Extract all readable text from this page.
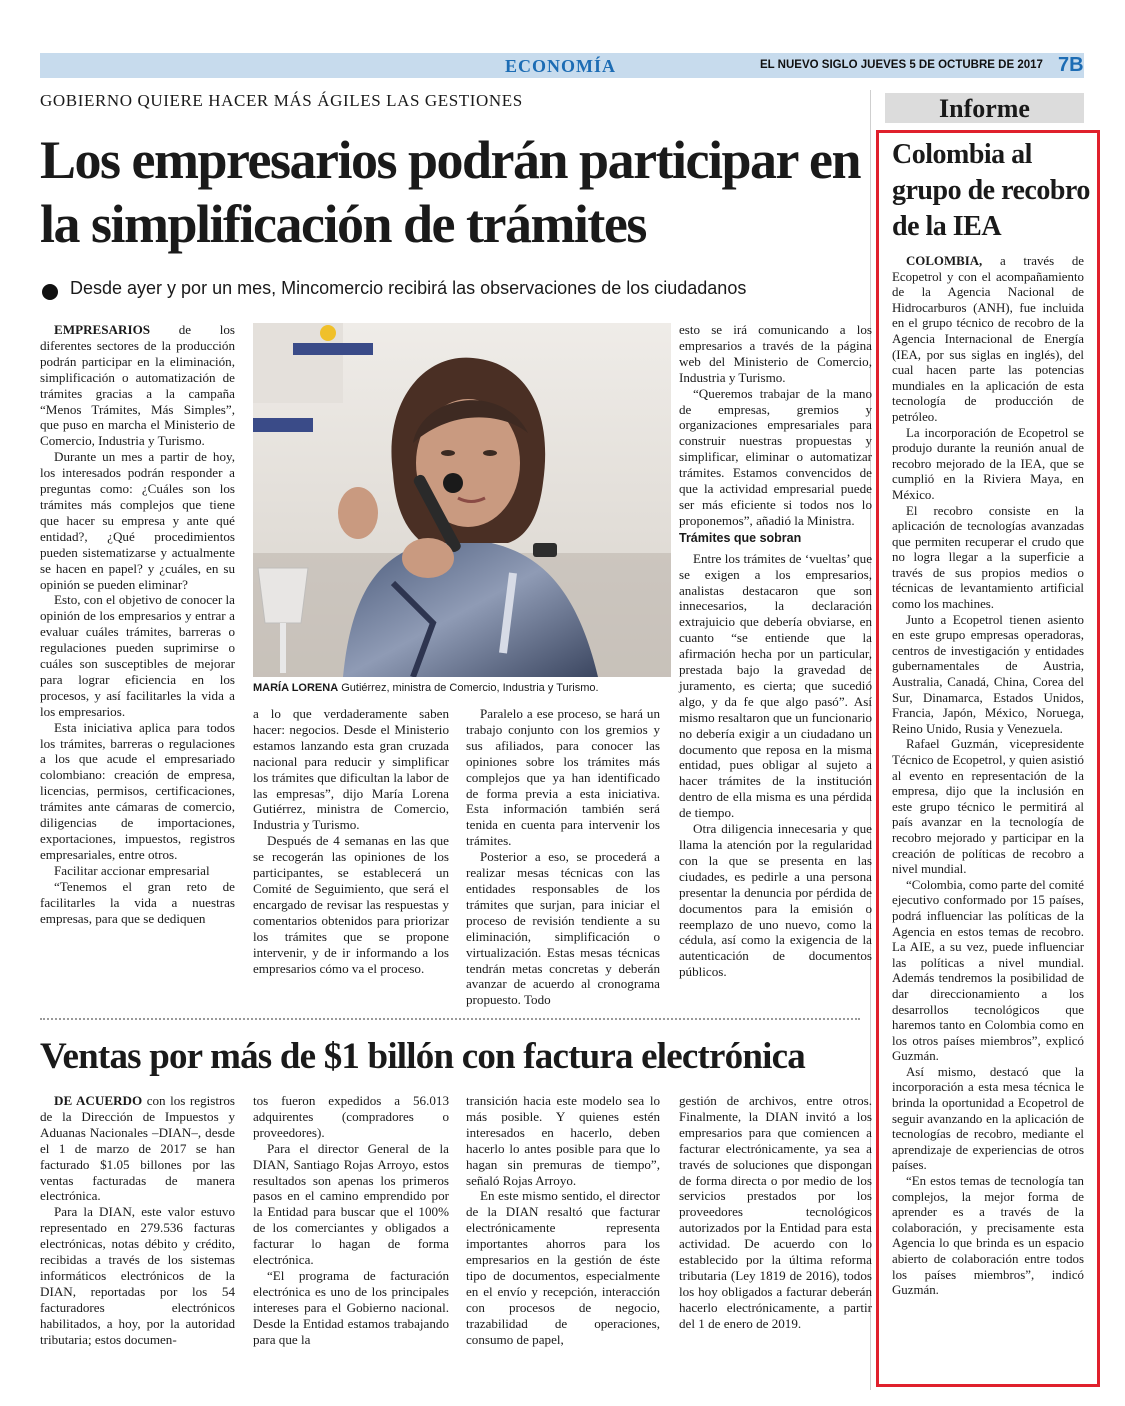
ECONOMÍA	EL NUEVO SIGLO JUEVES 5 DE OCTUBRE DE 2017 7B
GOBIERNO QUIERE HACER MÁS ÁGILES LAS GESTIONES
Los empresarios podrán participar en la simplificación de trámites
Desde ayer y por un mes, Mincomercio recibirá las observaciones de los ciudadanos

EMPRESARIOS de los diferentes sectores de la producción podrán participar en la eliminación, simplificación o automatización de trámites gracias a la campaña “Menos Trámites, Más Simples”, que puso en marcha el Ministerio de Comercio, Industria y Turismo.

Durante un mes a partir de hoy, los interesados podrán responder a preguntas como: ¿Cuáles son los trámites más complejos que tiene que hacer su empresa y ante qué entidad?, ¿Qué procedimientos pueden sistematizarse y actualmente se hacen en papel? y ¿cuáles, en su opinión se pueden eliminar?

Esto, con el objetivo de conocer la opinión de los empresarios y entrar a evaluar cuáles trámites, barreras o regulaciones pueden suprimirse o cuáles son susceptibles de mejorar para lograr eficiencia en los procesos, y así facilitarles la vida a los empresarios.

Esta iniciativa aplica para todos los trámites, barreras o regulaciones a los que acude el empresariado colombiano: creación de empresa, licencias, permisos, certificaciones, trámites ante cámaras de comercio, diligencias de importaciones, exportaciones, impuestos, registros empresariales, entre otros.

Facilitar accionar empresarial

“Tenemos el gran reto de facilitarles la vida a nuestras empresas, para que se dediquen

MARÍA LORENA Gutiérrez, ministra de Comercio, Industria y Turismo.

a lo que verdaderamente saben hacer: negocios. Desde el Ministerio estamos lanzando esta gran cruzada nacional para reducir y simplificar los trámites que dificultan la labor de las empresas”, dijo María Lorena Gutiérrez, ministra de Comercio, Industria y Turismo.

Después de 4 semanas en las que se recogerán las opiniones de los participantes, se establecerá un Comité de Seguimiento, que será el encargado de revisar las respuestas y comentarios obtenidos para priorizar los trámites que se propone intervenir, y de ir informando a los empresarios cómo va el proceso.

Paralelo a ese proceso, se hará un trabajo conjunto con los gremios y sus afiliados, para conocer las opiniones sobre los trámites más complejos que ya han identificado de forma previa a esta iniciativa. Esta información también será tenida en cuenta para intervenir los trámites.

Posterior a eso, se procederá a realizar mesas técnicas con las entidades responsables de los trámites que surjan, para iniciar el proceso de revisión tendiente a su eliminación, simplificación o virtualización. Estas mesas técnicas tendrán metas concretas y deberán avanzar de acuerdo al cronograma propuesto. Todo

esto se irá comunicando a los empresarios a través de la página web del Ministerio de Comercio, Industria y Turismo.

“Queremos trabajar de la mano de empresas, gremios y organizaciones empresariales para construir nuestras propuestas y simplificar, eliminar o automatizar trámites. Estamos convencidos de que la actividad empresarial puede ser más eficiente si todos nos lo proponemos”, añadió la Ministra.

Trámites que sobran

Entre los trámites de ‘vueltas’ que se exigen a los empresarios, analistas destacaron que son innecesarios, la declaración extrajuicio que debería obviarse, en cuanto “se entiende que la afirmación hecha por un particular, prestada bajo la gravedad de juramento, es cierta; que sucedió algo, y da fe que algo pasó”. Así mismo resaltaron que un funcionario no debería exigir a un ciudadano un documento que reposa en la misma entidad, pues obligar al sujeto a hacer trámites de la institución dentro de ella misma es una pérdida de tiempo.

Otra diligencia innecesaria y que llama la atención por la regularidad con la que se presenta en las ciudades, es pedirle a una persona presentar la denuncia por pérdida de documentos para la emisión o reemplazo de uno nuevo, como la cédula, así como la exigencia de la autenticación de documentos públicos.

Ventas por más de $1 billón con factura electrónica

DE ACUERDO con los registros de la Dirección de Impuestos y Aduanas Nacionales –DIAN–, desde el 1 de marzo de 2017 se han facturado $1.05 billones por las ventas facturadas de manera electrónica.

Para la DIAN, este valor estuvo representado en 279.536 facturas electrónicas, notas débito y crédito, recibidas a través de los sistemas informáticos electrónicos de la DIAN, reportadas por los 54 facturadores electrónicos habilitados, a hoy, por la autoridad tributaria; estos documen-

tos fueron expedidos a 56.013 adquirentes (compradores o proveedores).

Para el director General de la DIAN, Santiago Rojas Arroyo, estos resultados son apenas los primeros pasos en el camino emprendido por la Entidad para buscar que el 100% de los comerciantes y obligados a facturar lo hagan de forma electrónica.

“El programa de facturación electrónica es uno de los principales intereses para el Gobierno nacional. Desde la Entidad estamos trabajando para que la

transición hacia este modelo sea lo más posible. Y quienes estén interesados en hacerlo, deben hacerlo lo antes posible para que lo hagan sin premuras de tiempo”, señaló Rojas Arroyo.

En este mismo sentido, el director de la DIAN resaltó que facturar electrónicamente representa importantes ahorros para los empresarios en la gestión de éste tipo de documentos, especialmente en el envío y recepción, interacción con procesos de negocio, trazabilidad de operaciones, consumo de papel,

gestión de archivos, entre otros. Finalmente, la DIAN invitó a los empresarios para que comiencen a facturar electrónicamente, ya sea a través de soluciones que dispongan de forma directa o por medio de los servicios prestados por los proveedores tecnológicos autorizados por la Entidad para esta actividad. De acuerdo con lo establecido por la última reforma tributaria (Ley 1819 de 2016), todos los hoy obligados a facturar deberán hacerlo electrónicamente, a partir del 1 de enero de 2019.

Informe
Colombia al grupo de recobro de la IEA

COLOMBIA, a través de Ecopetrol y con el acompañamiento de la Agencia Nacional de Hidrocarburos (ANH), fue incluida en el grupo técnico de recobro de la Agencia Internacional de Energía (IEA, por sus siglas en inglés), del cual hacen parte las potencias mundiales en la aplicación de esta tecnología de producción de petróleo.

La incorporación de Ecopetrol se produjo durante la reunión anual de recobro mejorado de la IEA, que se cumplió en la Riviera Maya, en México.

El recobro consiste en la aplicación de tecnologías avanzadas que permiten recuperar el crudo que no logra llegar a la superficie a través de sus propios medios o técnicas de levantamiento artificial como los machines.

Junto a Ecopetrol tienen asiento en este grupo empresas operadoras, centros de investigación y entidades gubernamentales de Austria, Australia, Canadá, China, Corea del Sur, Dinamarca, Estados Unidos, Francia, Japón, México, Noruega, Reino Unido, Rusia y Venezuela.

Rafael Guzmán, vicepresidente Técnico de Ecopetrol, y quien asistió al evento en representación de la empresa, dijo que la inclusión en este grupo técnico le permitirá al país avanzar en la tecnología de recobro mejorado y participar en la creación de políticas de recobro a nivel mundial.

“Colombia, como parte del comité ejecutivo conformado por 15 países, podrá influenciar las políticas de la Agencia en estos temas de recobro. La AIE, a su vez, puede influenciar las políticas a nivel mundial. Además tendremos la posibilidad de dar direccionamiento a los desarrollos tecnológicos que haremos tanto en Colombia como en los otros países miembros”, explicó Guzmán.

Así mismo, destacó que la incorporación a esta mesa técnica le brinda la oportunidad a Ecopetrol de seguir avanzando en la aplicación de tecnologías de recobro, mediante el aprendizaje de experiencias de otros países.

“En estos temas de tecnología tan complejos, la mejor forma de aprender es a través de la colaboración, y precisamente esta Agencia lo que brinda es un espacio abierto de colaboración entre todos los países miembros”, indicó Guzmán.
